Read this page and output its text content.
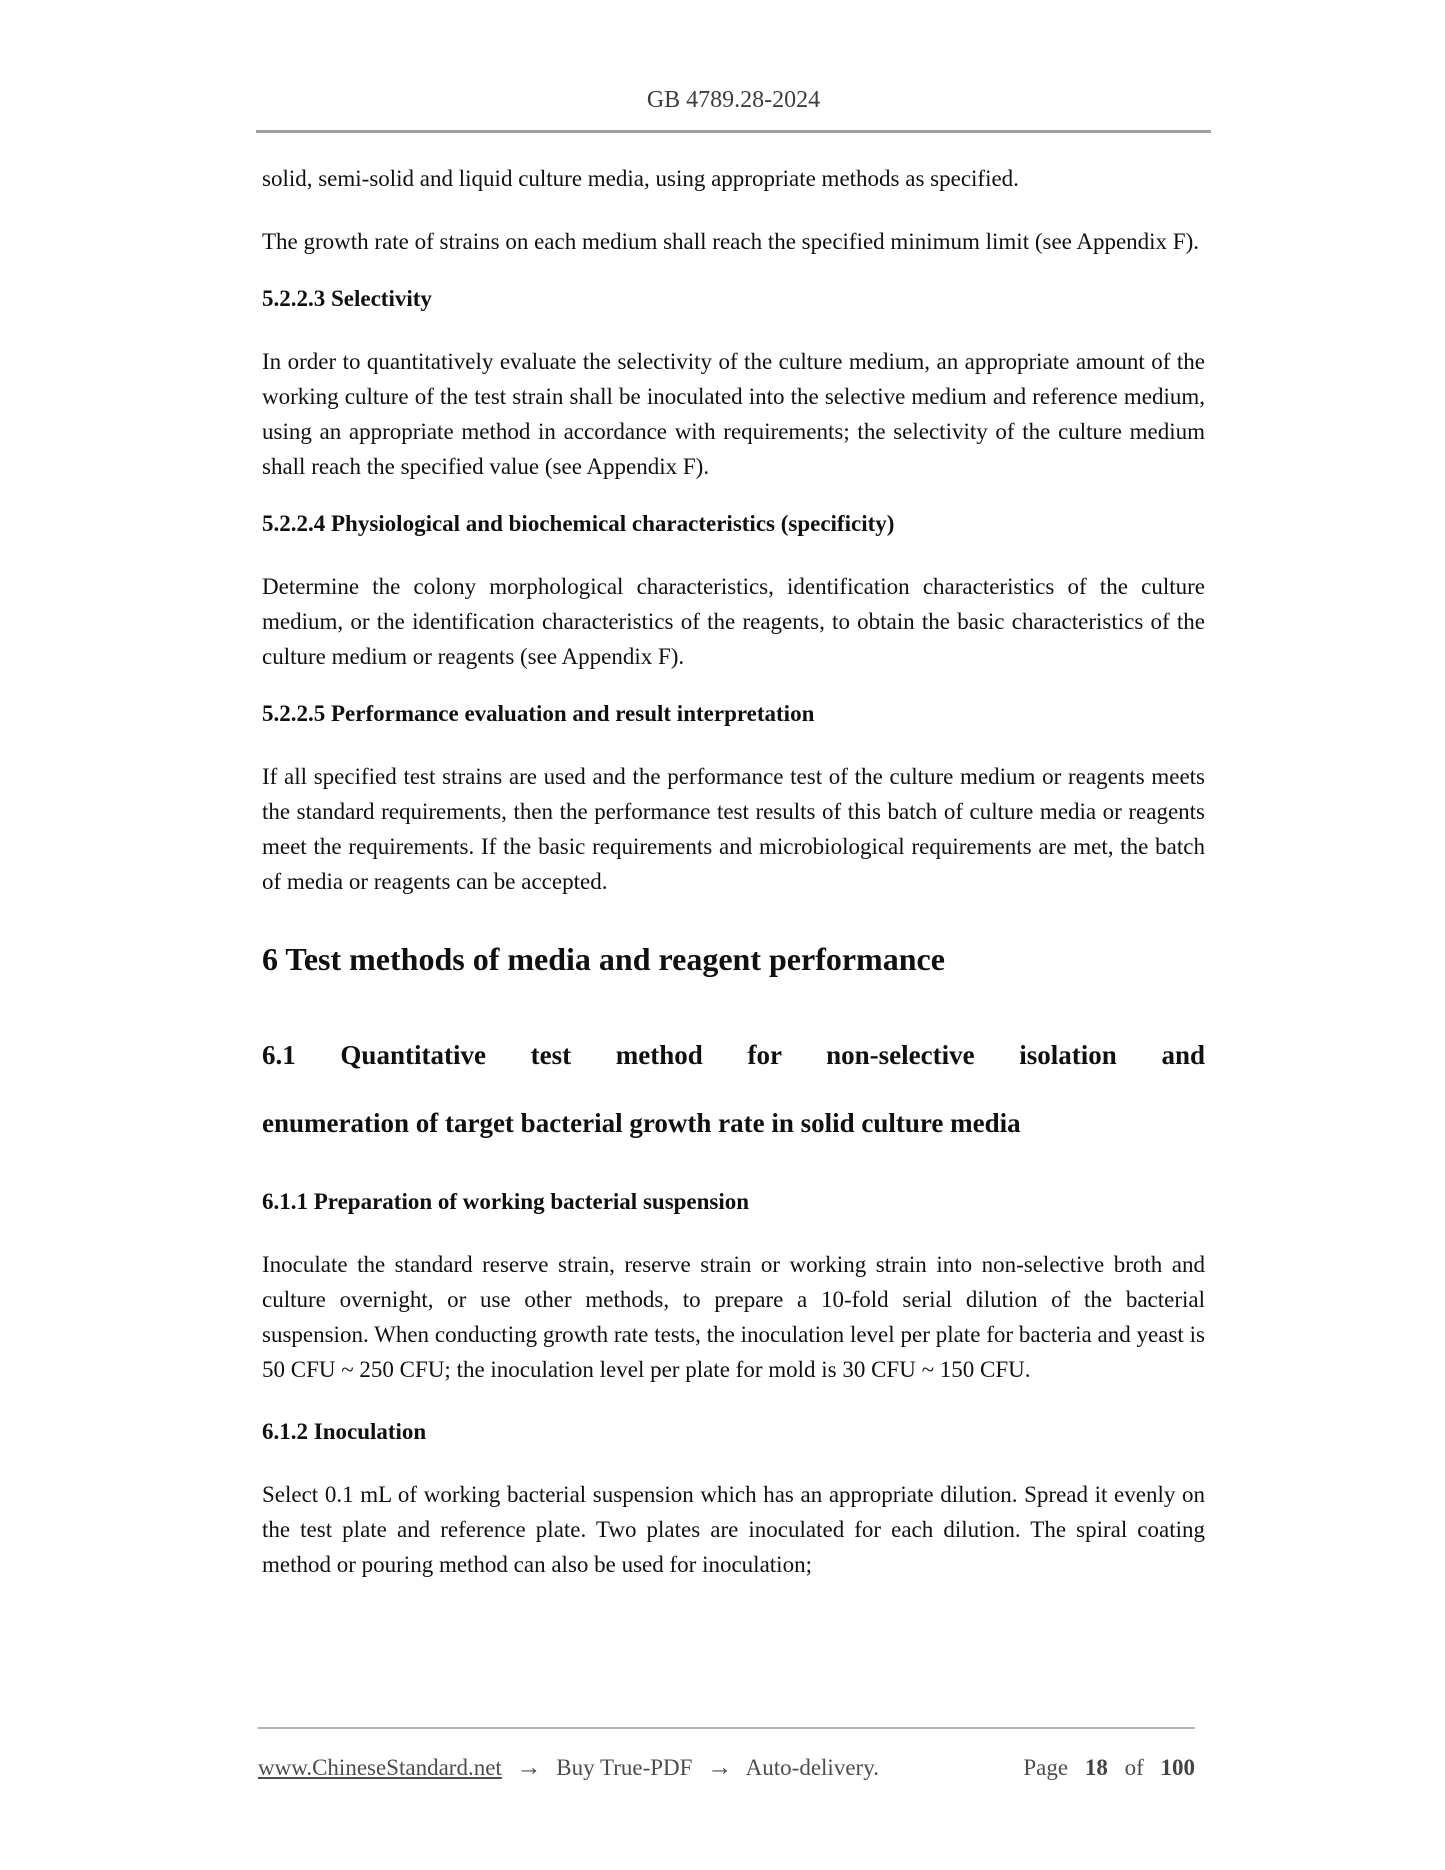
GB 4789.28-2024

solid, semi-solid and liquid culture media, using appropriate methods as specified.

The growth rate of strains on each medium shall reach the specified minimum limit (see Appendix F).

5.2.2.3 Selectivity

In order to quantitatively evaluate the selectivity of the culture medium, an appropriate amount of the working culture of the test strain shall be inoculated into the selective medium and reference medium, using an appropriate method in accordance with requirements; the selectivity of the culture medium shall reach the specified value (see Appendix F).

5.2.2.4 Physiological and biochemical characteristics (specificity)

Determine the colony morphological characteristics, identification characteristics of the culture medium, or the identification characteristics of the reagents, to obtain the basic characteristics of the culture medium or reagents (see Appendix F).

5.2.2.5 Performance evaluation and result interpretation

If all specified test strains are used and the performance test of the culture medium or reagents meets the standard requirements, then the performance test results of this batch of culture media or reagents meet the requirements. If the basic requirements and microbiological requirements are met, the batch of media or reagents can be accepted.

6 Test methods of media and reagent performance
6.1 Quantitative test method for non-selective isolation and
enumeration of target bacterial growth rate in solid culture media
6.1.1 Preparation of working bacterial suspension

Inoculate the standard reserve strain, reserve strain or working strain into non-selective broth and culture overnight, or use other methods, to prepare a 10-fold serial dilution of the bacterial suspension. When conducting growth rate tests, the inoculation level per plate for bacteria and yeast is 50 CFU ~ 250 CFU; the inoculation level per plate for mold is 30 CFU ~ 150 CFU.

6.1.2 Inoculation

Select 0.1 mL of working bacterial suspension which has an appropriate dilution. Spread it evenly on the test plate and reference plate. Two plates are inoculated for each dilution. The spiral coating method or pouring method can also be used for inoculation;

www.ChineseStandard.net → Buy True-PDF → Auto-delivery.	Page 18 of 100
